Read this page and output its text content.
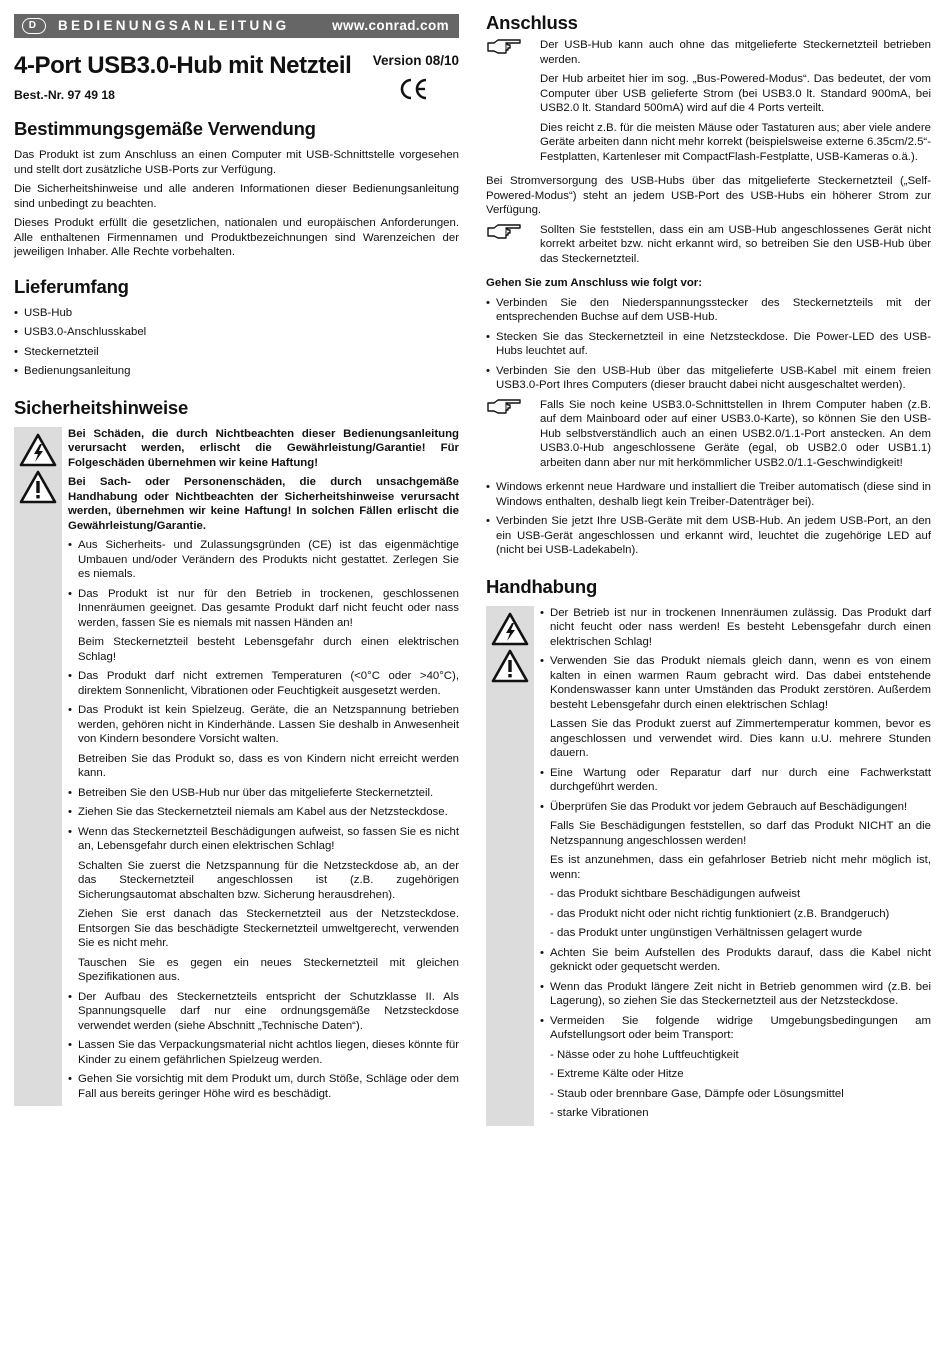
D	BEDIENUNGSANLEITUNG	www.conrad.com
4-Port USB3.0-Hub mit Netzteil Version 08/10
Best.-Nr. 97 49 18
Bestimmungsgemäße Verwendung

Das Produkt ist zum Anschluss an einen Computer mit USB-Schnittstelle vorgesehen und stellt dort zusätzliche USB-Ports zur Verfügung.

Die Sicherheitshinweise und alle anderen Informationen dieser Bedienungsanleitung sind unbedingt zu beachten.

Dieses Produkt erfüllt die gesetzlichen, nationalen und europäischen Anforderungen. Alle enthaltenen Firmennamen und Produktbezeichnungen sind Warenzeichen der jeweiligen Inhaber. Alle Rechte vorbehalten.

Lieferumfang
• USB-Hub
• USB3.0-Anschlusskabel
• Steckernetzteil
• Bedienungsanleitung
Sicherheitshinweise

Bei Schäden, die durch Nichtbeachten dieser Bedienungsanleitung verursacht werden, erlischt die Gewährleistung/Garantie! Für Folgeschäden übernehmen wir keine Haftung!

Bei Sach- oder Personenschäden, die durch unsachgemäße Handhabung oder Nichtbeachten der Sicherheitshinweise verursacht werden, übernehmen wir keine Haftung! In solchen Fällen erlischt die Gewährleistung/Garantie.

• Aus Sicherheits- und Zulassungsgründen (CE) ist das eigenmächtige Umbauen und/oder Verändern des Produkts nicht gestattet. Zerlegen Sie es niemals.

• Das Produkt ist nur für den Betrieb in trockenen, geschlossenen Innenräumen geeignet. Das gesamte Produkt darf nicht feucht oder nass werden, fassen Sie es niemals mit nassen Händen an!

Beim Steckernetzteil besteht Lebensgefahr durch einen elektrischen Schlag!

• Das Produkt darf nicht extremen Temperaturen (<0°C oder >40°C), direktem Sonnenlicht, Vibrationen oder Feuchtigkeit ausgesetzt werden.

• Das Produkt ist kein Spielzeug. Geräte, die an Netzspannung betrieben werden, gehören nicht in Kinderhände. Lassen Sie deshalb in Anwesenheit von Kindern besondere Vorsicht walten.

Betreiben Sie das Produkt so, dass es von Kindern nicht erreicht werden kann.

• Betreiben Sie den USB-Hub nur über das mitgelieferte Steckernetzteil.
• Ziehen Sie das Steckernetzteil niemals am Kabel aus der Netzsteckdose.

• Wenn das Steckernetzteil Beschädigungen aufweist, so fassen Sie es nicht an, Lebensgefahr durch einen elektrischen Schlag!

Schalten Sie zuerst die Netzspannung für die Netzsteckdose ab, an der das Steckernetzteil angeschlossen ist (z.B. zugehörigen Sicherungsautomat abschalten bzw. Sicherung herausdrehen).

Ziehen Sie erst danach das Steckernetzteil aus der Netzsteckdose. Entsorgen Sie das beschädigte Steckernetzteil umweltgerecht, verwenden Sie es nicht mehr.

Tauschen Sie es gegen ein neues Steckernetzteil mit gleichen Spezifikationen aus.

• Der Aufbau des Steckernetzteils entspricht der Schutzklasse II. Als Spannungsquelle darf nur eine ordnungsgemäße Netzsteckdose verwendet werden (siehe Abschnitt „Technische Daten“).
• Lassen Sie das Verpackungsmaterial nicht achtlos liegen, dieses könnte für Kinder zu einem gefährlichen Spielzeug werden.
• Gehen Sie vorsichtig mit dem Produkt um, durch Stöße, Schläge oder dem Fall aus bereits geringer Höhe wird es beschädigt.
Anschluss

Der USB-Hub kann auch ohne das mitgelieferte Steckernetzteil betrieben werden.

Der Hub arbeitet hier im sog. „Bus-Powered-Modus“. Das bedeutet, der vom Computer über USB gelieferte Strom (bei USB3.0 lt. Standard 900mA, bei USB2.0 lt. Standard 500mA) wird auf die 4 Ports verteilt.

Dies reicht z.B. für die meisten Mäuse oder Tastaturen aus; aber viele andere Geräte arbeiten dann nicht mehr korrekt (beispielsweise externe 6.35cm/2.5“-Festplatten, Kartenleser mit CompactFlash-Festplatte, USB-Kameras o.ä.).

Bei Stromversorgung des USB-Hubs über das mitgelieferte Steckernetzteil („Self-Powered-Modus“) steht an jedem USB-Port des USB-Hubs ein höherer Strom zur Verfügung.

Sollten Sie feststellen, dass ein am USB-Hub angeschlossenes Gerät nicht korrekt arbeitet bzw. nicht erkannt wird, so betreiben Sie den USB-Hub über das Steckernetzteil.

Gehen Sie zum Anschluss wie folgt vor:

• Verbinden Sie den Niederspannungsstecker des Steckernetzteils mit der entsprechenden Buchse auf dem USB-Hub.
• Stecken Sie das Steckernetzteil in eine Netzsteckdose. Die Power-LED des USB-Hubs leuchtet auf.
• Verbinden Sie den USB-Hub über das mitgelieferte USB-Kabel mit einem freien USB3.0-Port Ihres Computers (dieser braucht dabei nicht ausgeschaltet werden).

Falls Sie noch keine USB3.0-Schnittstellen in Ihrem Computer haben (z.B. auf dem Mainboard oder auf einer USB3.0-Karte), so können Sie den USB-Hub selbstverständlich auch an einen USB2.0/1.1-Port anstecken. An dem USB3.0-Hub angeschlossene Geräte (egal, ob USB2.0 oder USB1.1) arbeiten dann aber nur mit herkömmlicher USB2.0/1.1-Geschwindigkeit!

• Windows erkennt neue Hardware und installiert die Treiber automatisch (diese sind in Windows enthalten, deshalb liegt kein Treiber-Datenträger bei).
• Verbinden Sie jetzt Ihre USB-Geräte mit dem USB-Hub. An jedem USB-Port, an den ein USB-Gerät angeschlossen und erkannt wird, leuchtet die zugehörige LED auf (nicht bei USB-Ladekabeln).
Handhabung
• Der Betrieb ist nur in trockenen Innenräumen zulässig. Das Produkt darf nicht feucht oder nass werden! Es besteht Lebensgefahr durch einen elektrischen Schlag!

• Verwenden Sie das Produkt niemals gleich dann, wenn es von einem kalten in einen warmen Raum gebracht wird. Das dabei entstehende Kondenswasser kann unter Umständen das Produkt zerstören. Außerdem besteht Lebensgefahr durch einen elektrischen Schlag!

Lassen Sie das Produkt zuerst auf Zimmertemperatur kommen, bevor es angeschlossen und verwendet wird. Dies kann u.U. mehrere Stunden dauern.

• Eine Wartung oder Reparatur darf nur durch eine Fachwerkstatt durchgeführt werden.

• Überprüfen Sie das Produkt vor jedem Gebrauch auf Beschädigungen!

Falls Sie Beschädigungen feststellen, so darf das Produkt NICHT an die Netzspannung angeschlossen werden!

Es ist anzunehmen, dass ein gefahrloser Betrieb nicht mehr möglich ist, wenn:

- das Produkt sichtbare Beschädigungen aufweist
- das Produkt nicht oder nicht richtig funktioniert (z.B. Brandgeruch)
- das Produkt unter ungünstigen Verhältnissen gelagert wurde
• Achten Sie beim Aufstellen des Produkts darauf, dass die Kabel nicht geknickt oder gequetscht werden.
• Wenn das Produkt längere Zeit nicht in Betrieb genommen wird (z.B. bei Lagerung), so ziehen Sie das Steckernetzteil aus der Netzsteckdose.

• Vermeiden Sie folgende widrige Umgebungsbedingungen am Aufstellungsort oder beim Transport:

- Nässe oder zu hohe Luftfeuchtigkeit
- Extreme Kälte oder Hitze
- Staub oder brennbare Gase, Dämpfe oder Lösungsmittel
- starke Vibrationen
